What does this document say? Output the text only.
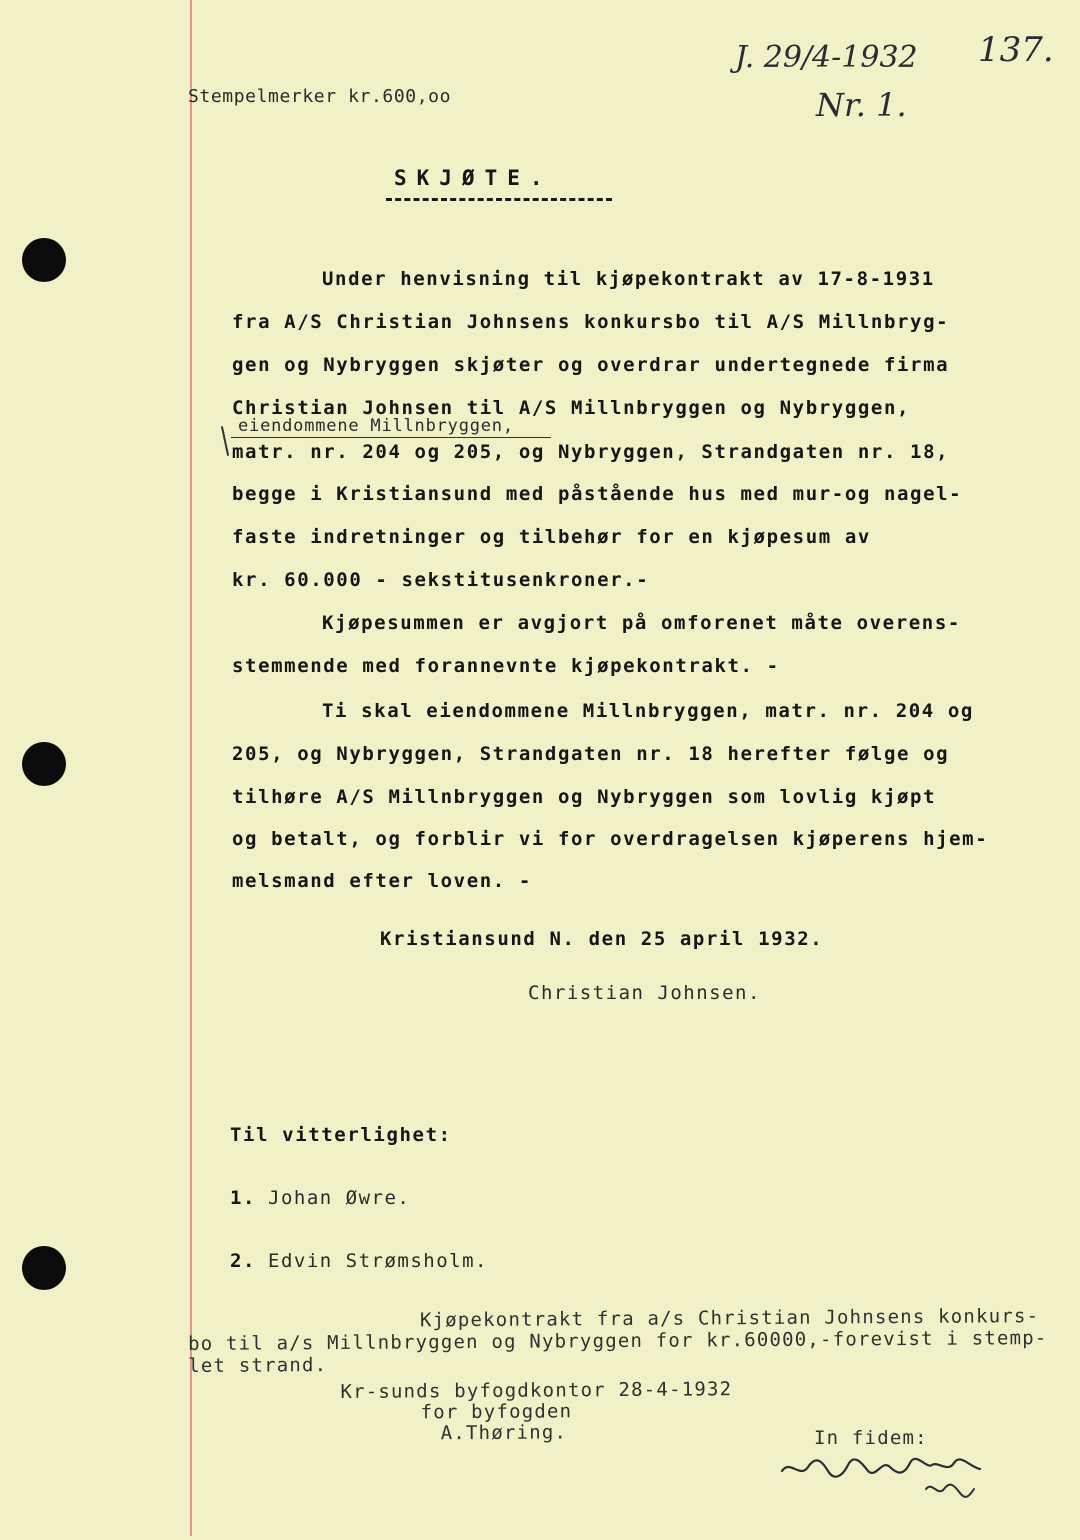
Stempelmerker kr.600,oo
J. 29/4-1932 137.
Nr. 1.
SKJØTE.
Under henvisning til kjøpekontrakt av 17-8-1931
fra A/S Christian Johnsens konkursbo til A/S Millnbryg-
gen og Nybryggen skjøter og overdrar undertegnede firma
Christian Johnsen til A/S Millnbryggen og Nybryggen,
eiendommene Millnbryggen,
matr. nr. 204 og 205, og Nybryggen, Strandgaten nr. 18,
begge i Kristiansund med påstående hus med mur-og nagel-
faste indretninger og tilbehør for en kjøpesum av
kr. 60.000 - sekstitusenkroner.-
Kjøpesummen er avgjort på omforenet måte overens-
stemmende med forannevnte kjøpekontrakt. -
Ti skal eiendommene Millnbryggen, matr. nr. 204 og
205, og Nybryggen, Strandgaten nr. 18 herefter følge og
tilhøre A/S Millnbryggen og Nybryggen som lovlig kjøpt
og betalt, og forblir vi for overdragelsen kjøperens hjem-
melsmand efter loven. -
Kristiansund N. den 25 april 1932.
Christian Johnsen.
Til vitterlighet:
1. Johan Øwre.
2. Edvin Strømsholm.
Kjøpekontrakt fra a/s Christian Johnsens konkurs-
bo til a/s Millnbryggen og Nybryggen for kr.60000,-forevist i stemp-
let strand.
Kr-sunds byfogdkontor 28-4-1932
for byfogden
A.Thøring.	In fidem:
